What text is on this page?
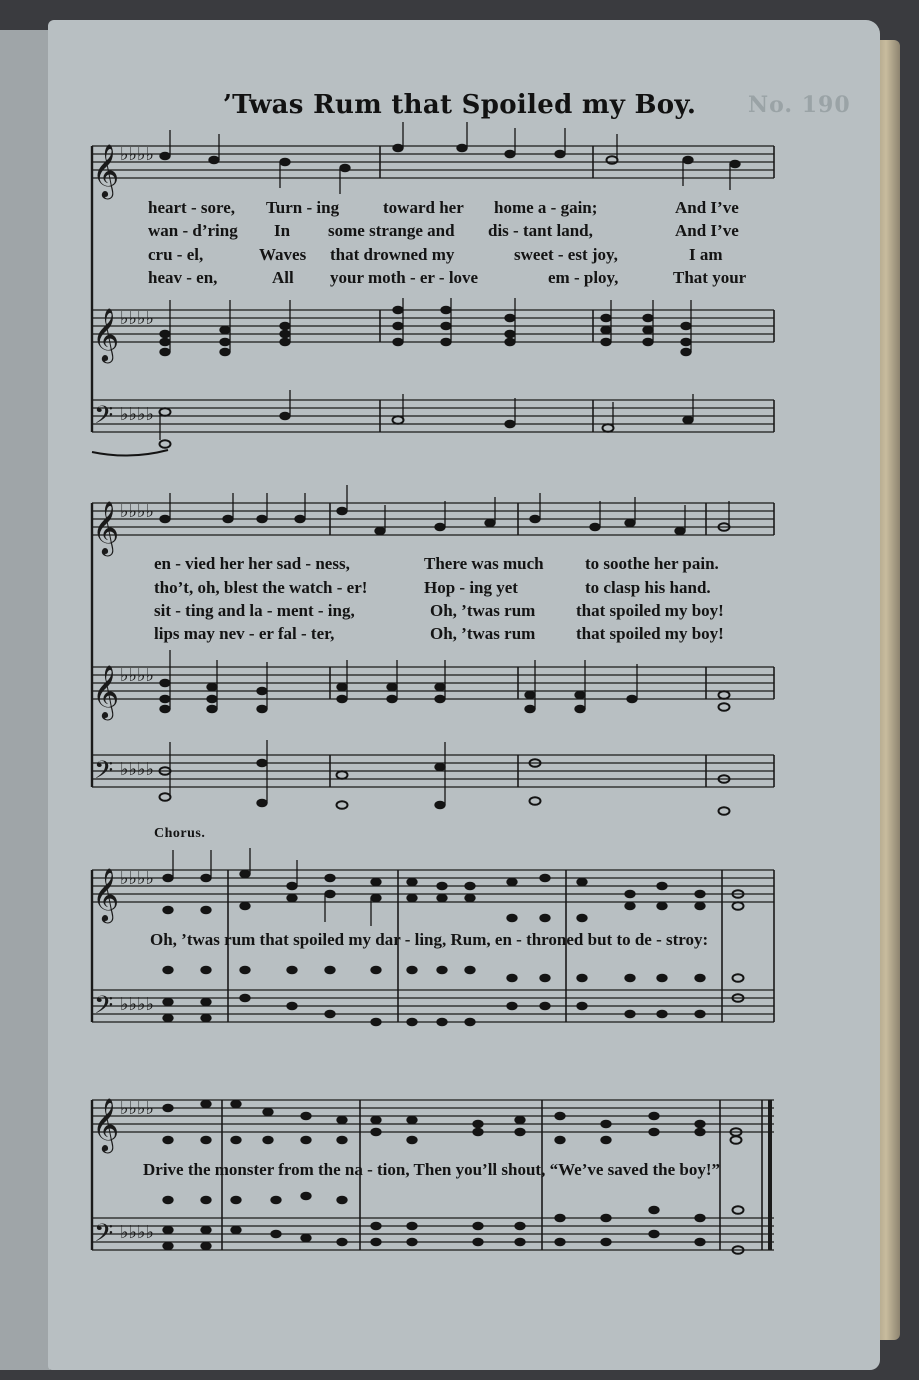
No. 190
’Twas Rum that Spoiled my Boy.
𝄞
𝄞
𝄞
𝄞
𝄞
𝄞
𝄢
𝄢
𝄢
𝄢
♭♭♭♭
♭♭♭♭
♭♭♭♭
♭♭♭♭
♭♭♭♭
♭♭♭♭
♭♭♭♭
♭♭♭♭
♭♭♭♭
♭♭♭♭
heart - sore, Turn - ing	toward her home a - gain;	And I’ve
wan - d’ring In some strange and dis - tant land,	And I’ve
cru - el,	Waves that drowned my	sweet - est joy,	I am
heav - en,	All your moth - er - love	em - ploy,	That your
en - vied her her sad - ness,	There was much to soothe her pain.
tho’t, oh, blest the watch - er!	Hop - ing yet	to clasp his hand.
sit - ting and la - ment - ing,	Oh, ’twas rum that spoiled my boy!
lips may nev - er fal - ter,	Oh, ’twas rum that spoiled my boy!
Chorus.
Oh, ’twas rum that spoiled my dar - ling, Rum, en - throned but to de - stroy:
Drive the monster from the na - tion, Then you’ll shout, “We’ve saved the boy!”
